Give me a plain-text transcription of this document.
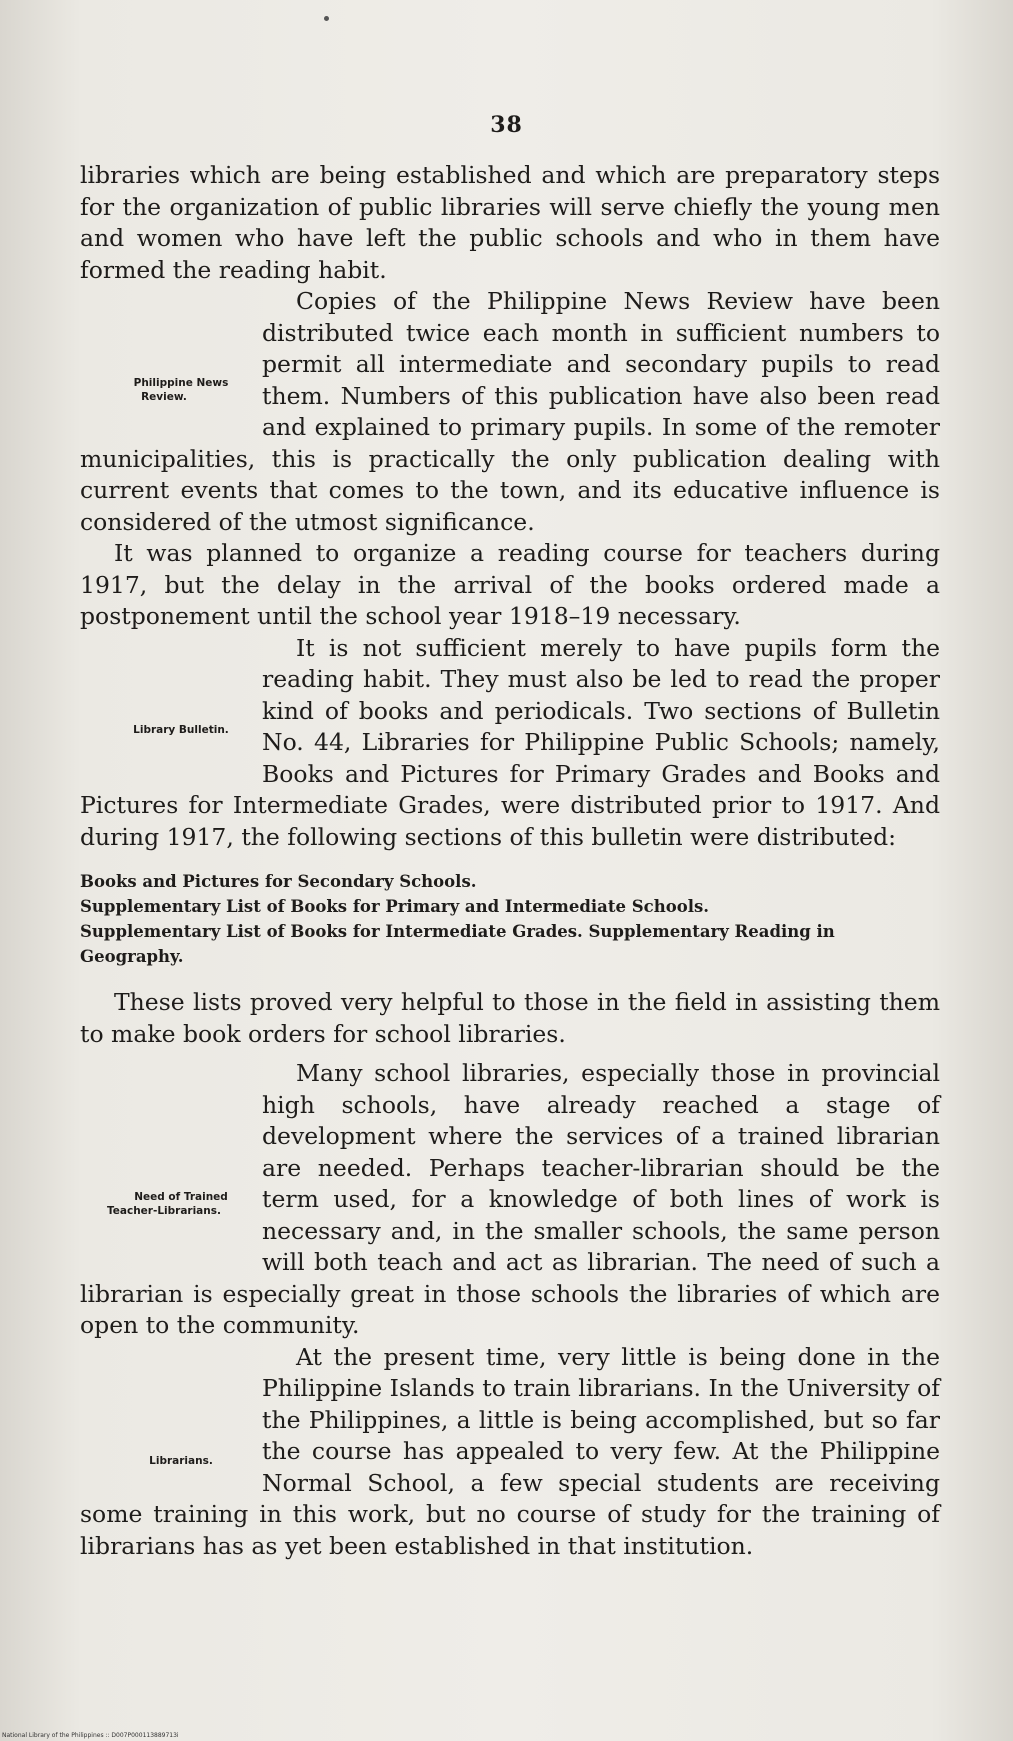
38

libraries which are being established and which are preparatory steps for the organization of public libraries will serve chiefly the young men and women who have left the public schools and who in them have formed the reading habit.

Philippine News Review.
Copies of the Philippine News Review have been distributed twice each month in sufficient numbers to permit all intermediate and secondary pupils to read them. Numbers of this publication have also been read and explained to primary pupils. In some of the remoter municipalities, this is practically the only publication dealing with current events that comes to the town, and its educative influence is considered of the utmost significance.

It was planned to organize a reading course for teachers during 1917, but the delay in the arrival of the books ordered made a postponement until the school year 1918–19 necessary.

Library Bulletin.
It is not sufficient merely to have pupils form the reading habit. They must also be led to read the proper kind of books and periodicals. Two sections of Bulletin No. 44, Libraries for Philippine Public Schools; namely, Books and Pictures for Primary Grades and Books and Pictures for Intermediate Grades, were distributed prior to 1917. And during 1917, the following sections of this bulletin were distributed:

Books and Pictures for Secondary Schools.
Supplementary List of Books for Primary and Intermediate Schools.
Supplementary List of Books for Intermediate Grades. Supplementary Reading in Geography.

These lists proved very helpful to those in the field in assisting them to make book orders for school libraries.

Need of Trained Teacher-Librarians.
Many school libraries, especially those in provincial high schools, have already reached a stage of development where the services of a trained librarian are needed. Perhaps teacher-librarian should be the term used, for a knowledge of both lines of work is necessary and, in the smaller schools, the same person will both teach and act as librarian. The need of such a librarian is especially great in those schools the libraries of which are open to the community.

Librarians.
At the present time, very little is being done in the Philippine Islands to train librarians. In the University of the Philippines, a little is being accomplished, but so far the course has appealed to very few. At the Philippine Normal School, a few special students are receiving some training in this work, but no course of study for the training of librarians has as yet been established in that institution.

National Library of the Philippines :: D007P000113889713i
